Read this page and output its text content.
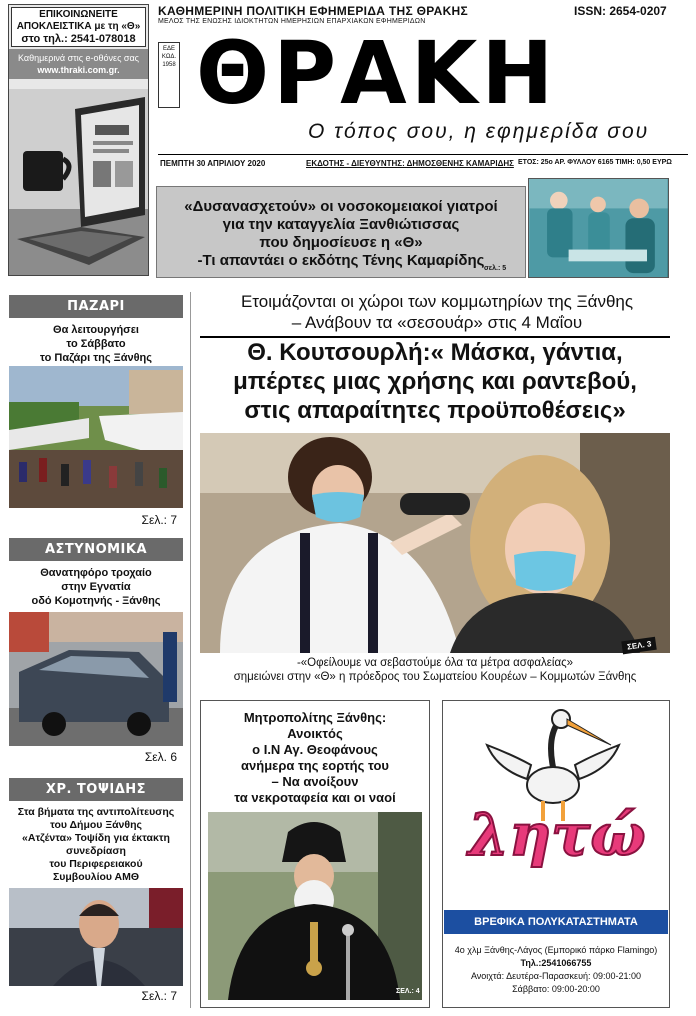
ΕΠΙΚΟΙΝΩΝΕΙΤΕ
ΑΠΟΚΛΕΙΣΤΙΚΑ με τη «Θ»
στο τηλ.: 2541-078018
Καθημερινά στις e-οθόνες σας
www.thraki.com.gr.
ΚΑΘΗΜΕΡΙΝΗ ΠΟΛΙΤΙΚΗ ΕΦΗΜΕΡΙΔΑ ΤΗΣ ΘΡΑΚΗΣ
ΜΕΛΟΣ ΤΗΣ ΕΝΩΣΗΣ ΙΔΙΟΚΤΗΤΩΝ ΗΜΕΡΗΣΙΩΝ ΕΠΑΡΧΙΑΚΩΝ ΕΦΗΜΕΡΙΔΩΝ
ISSN: 2654-0207
ΕΔΕ ΚΩΔ. 1958 ΘΡΑΚΗ
Ο τόπος σου, η εφημερίδα σου
ΠΕΜΠΤΗ 30 ΑΠΡΙΛΙΟΥ 2020	ΕΚΔΟΤΗΣ - ΔΙΕΥΘΥΝΤΗΣ: ΔΗΜΟΣΘΕΝΗΣ ΚΑΜΑΡΙΔΗΣ ΕΤΟΣ: 25ο ΑΡ. ΦΥΛΛΟΥ 6165 ΤΙΜΗ: 0,50 ΕΥΡΩ
«Δυσανασχετούν» οι νοσοκομειακοί γιατροί
για την καταγγελία Ξανθιώτισσας
που δημοσίευσε η «Θ»
-Τι απαντάει ο εκδότης Τένης Καμαρίδης σελ.: 5
ΠΑΖΑΡΙ
Θα λειτουργήσει
το Σάββατο
το Παζάρι της Ξάνθης
Σελ.: 7
ΑΣΤΥΝΟΜΙΚΑ
Θανατηφόρο τροχαίο
στην Εγνατία
οδό Κομοτηνής - Ξάνθης
Σελ. 6
ΧΡ. ΤΟΨΙΔΗΣ
Στα βήματα της αντιπολίτευσης
του Δήμου Ξάνθης
«Ατζέντα» Τοψίδη για έκτακτη
συνεδρίαση
του Περιφερειακού
Συμβουλίου ΑΜΘ
Σελ.: 7
Ετοιμάζονται οι χώροι των κομμωτηρίων της Ξάνθης
– Ανάβουν τα «σεσουάρ» στις 4 Μαΐου
Θ. Κουτσουρλή:« Μάσκα, γάντια,
μπέρτες μιας χρήσης και ραντεβού,
στις απαραίτητες προϋποθέσεις»
ΣΕΛ. 3
-«Οφείλουμε να σεβαστούμε όλα τα μέτρα ασφαλείας»
σημειώνει στην «Θ» η πρόεδρος του Σωματείου Κουρέων – Κομμωτών Ξάνθης
Μητροπολίτης Ξάνθης:
Ανοικτός
ο Ι.Ν Αγ. Θεοφάνους
ανήμερα της εορτής του
– Να ανοίξουν
τα νεκροταφεία και οι ναοί
ΣΕΛ.: 4
λητώ
ΒΡΕΦΙΚΑ ΠΟΛΥΚΑΤΑΣΤΗΜΑΤΑ
4ο χλμ Ξάνθης-Λάγος (Εμπορικό πάρκο Flamingo)
Τηλ.:2541066755
Ανοιχτά: Δευτέρα-Παρασκευή: 09:00-21:00
Σάββατο: 09:00-20:00
